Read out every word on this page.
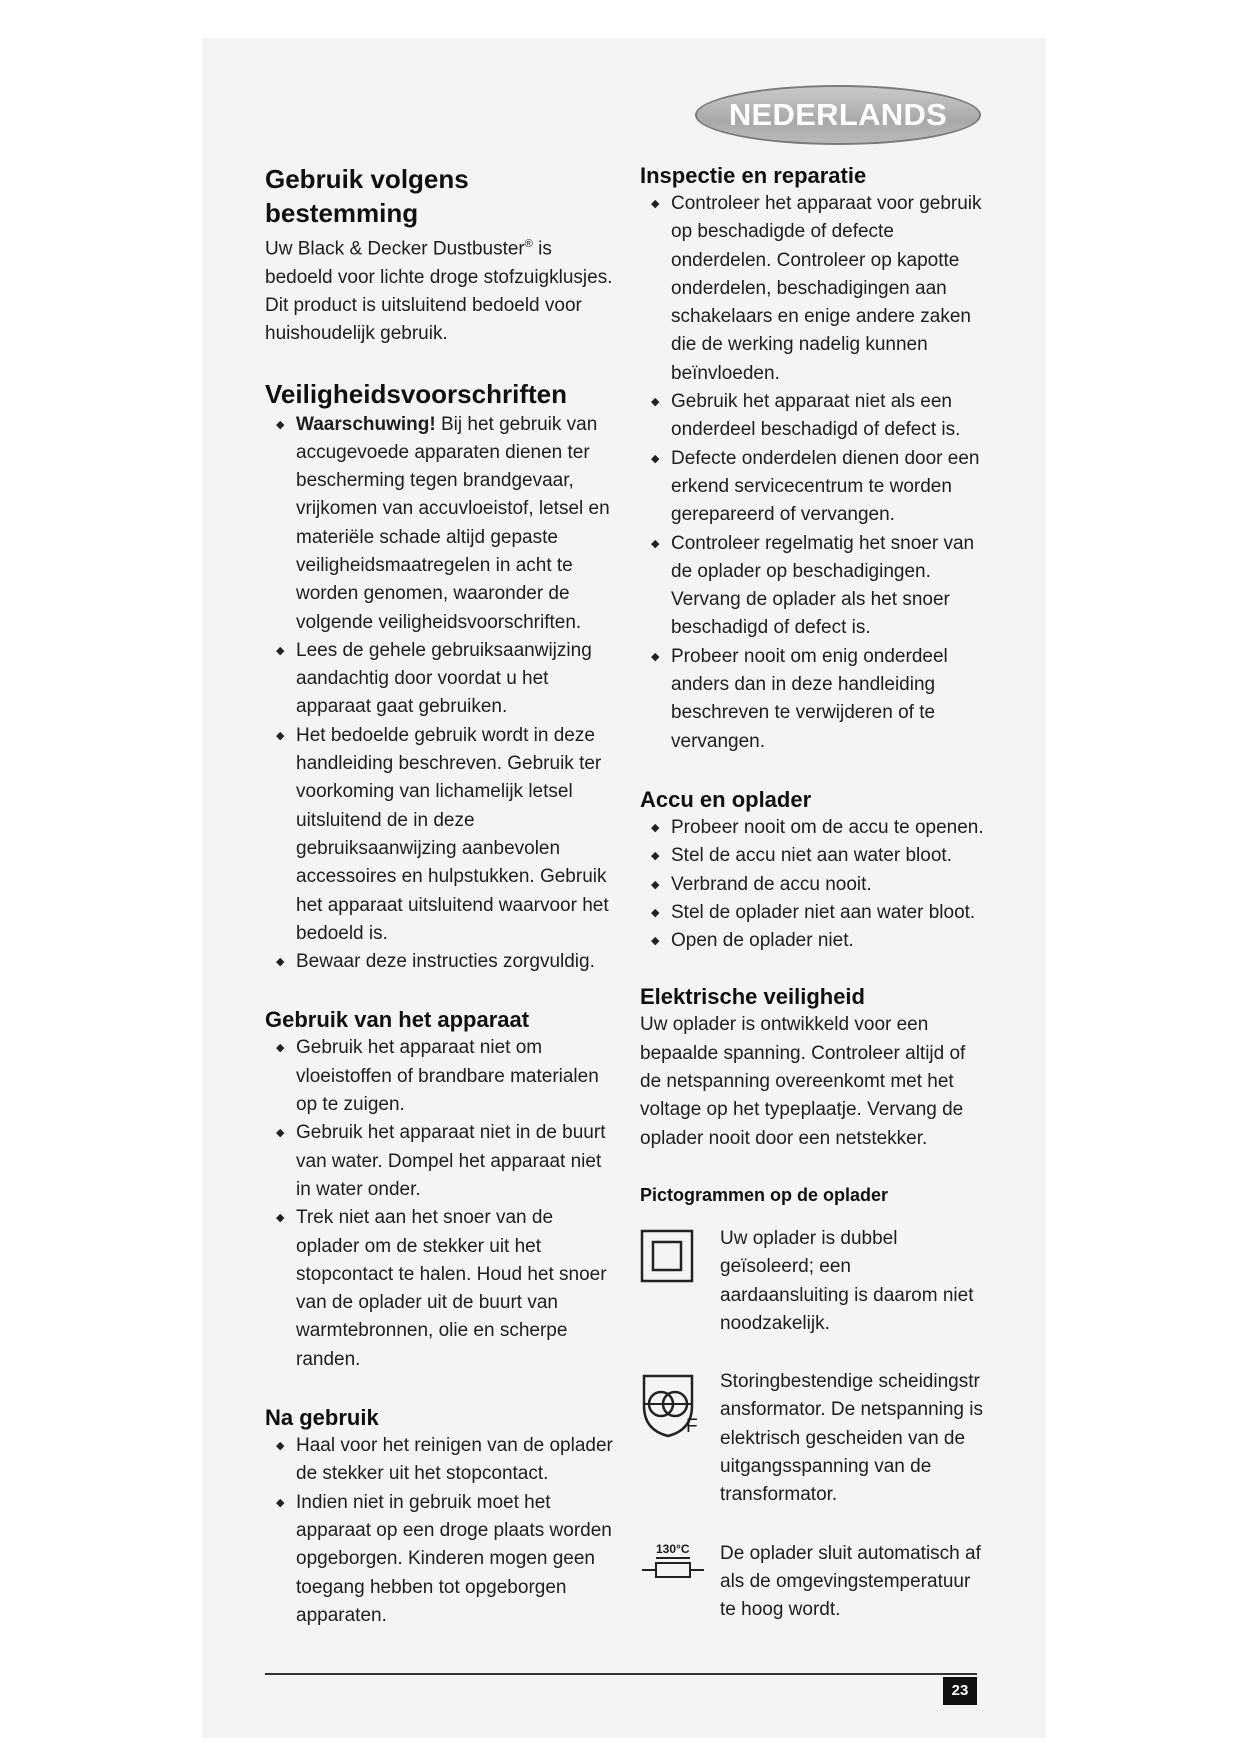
NEDERLANDS
Gebruik volgens bestemming

Uw Black & Decker Dustbuster® is bedoeld voor lichte droge stofzuigklusjes. Dit product is uitsluitend bedoeld voor huishoudelijk gebruik.

Veiligheidsvoorschriften
◆ Waarschuwing! Bij het gebruik van accugevoede apparaten dienen ter bescherming tegen brandgevaar, vrijkomen van accuvloeistof, letsel en materiële schade altijd gepaste veiligheidsmaatregelen in acht te worden genomen, waaronder de volgende veiligheidsvoorschriften.
◆ Lees de gehele gebruiksaanwijzing aandachtig door voordat u het apparaat gaat gebruiken.
◆ Het bedoelde gebruik wordt in deze handleiding beschreven. Gebruik ter voorkoming van lichamelijk letsel uitsluitend de in deze gebruiksaanwijzing aanbevolen accessoires en hulpstukken. Gebruik het apparaat uitsluitend waarvoor het bedoeld is.
◆ Bewaar deze instructies zorgvuldig.
Gebruik van het apparaat
◆ Gebruik het apparaat niet om vloeistoffen of brandbare materialen op te zuigen.
◆ Gebruik het apparaat niet in de buurt van water. Dompel het apparaat niet in water onder.
◆ Trek niet aan het snoer van de oplader om de stekker uit het stopcontact te halen. Houd het snoer van de oplader uit de buurt van warmtebronnen, olie en scherpe randen.
Na gebruik
◆ Haal voor het reinigen van de oplader de stekker uit het stopcontact.
◆ Indien niet in gebruik moet het apparaat op een droge plaats worden opgeborgen. Kinderen mogen geen toegang hebben tot opgeborgen apparaten.
Inspectie en reparatie
◆ Controleer het apparaat voor gebruik op beschadigde of defecte onderdelen. Controleer op kapotte onderdelen, beschadigingen aan schakelaars en enige andere zaken die de werking nadelig kunnen beïnvloeden.
◆ Gebruik het apparaat niet als een onderdeel beschadigd of defect is.
◆ Defecte onderdelen dienen door een erkend servicecentrum te worden gerepareerd of vervangen.
◆ Controleer regelmatig het snoer van de oplader op beschadigingen. Vervang de oplader als het snoer beschadigd of defect is.
◆ Probeer nooit om enig onderdeel anders dan in deze handleiding beschreven te verwijderen of te vervangen.
Accu en oplader
◆ Probeer nooit om de accu te openen.
◆ Stel de accu niet aan water bloot.
◆ Verbrand de accu nooit.
◆ Stel de oplader niet aan water bloot.
◆ Open de oplader niet.
Elektrische veiligheid

Uw oplader is ontwikkeld voor een bepaalde spanning. Controleer altijd of de netspanning overeenkomt met het voltage op het typeplaatje. Vervang de oplader nooit door een netstekker.

Pictogrammen op de oplader
Uw oplader is dubbel geïsoleerd; een aardaansluiting is daarom niet noodzakelijk.
F
Storingbestendige scheidingstr ansformator. De netspanning is elektrisch gescheiden van de uitgangsspanning van de transformator.
130°C De oplader sluit automatisch af als de omgevingstemperatuur te hoog wordt.
23
